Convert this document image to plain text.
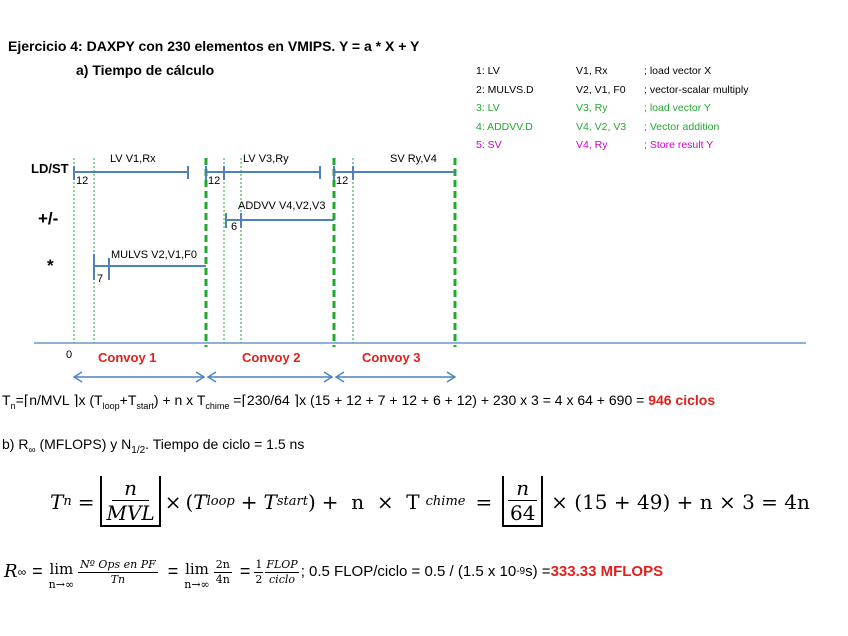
Ejercicio 4: DAXPY con 230 elementos en VMIPS. Y = a * X + Y
a) Tiempo de cálculo	1: LV	V1, Rx	; load vector X
2: MULVS.D	V2, V1, F0 ; vector-scalar multiply
3: LV	V3, Ry	; load vector Y
4: ADDVV.D	V4, V2, V3 ; Vector addition
5: SV	V4, Ry	; Store result Y
LD/ST
+/-
*
LV V1,Rx
12
LV V3,Ry
12
SV Ry,V4
12
ADDVV V4,V2,V3
6
MULVS V2,V1,F0
7
0 Convoy 1	Convoy 2	Convoy 3
$T_n=⌈n$/MVL ⌉x $(T_{loop}+T_{start}) + n$ x $T_{chime}$ =⌈230/64 ⌉x (15 + 12 + 7 + 12 + 6 + 12) + 230 x 3 = 4 x 64 + 690 = 946 ciclos
b) $R_\infty$ (MFLOPS) y $N_{1/2}$. Tiempo de ciclo = 1.5 ns
T n =
n
MVL × ( T loop + T start ) +  n  ×  T chime =
n
64 × (15 + 49) + n × 3 = 4n
R ∞ = lim
n→∞
Nº Ops en PF
Tn = lim
$n\to\infty \frac{2n}{4n} = \frac{1}{2}$ FLOP
ciclo ; 0.5 FLOP/ciclo = 0.5 / (1.5 x 10 -9 s) = 333.33 MFLOPS
